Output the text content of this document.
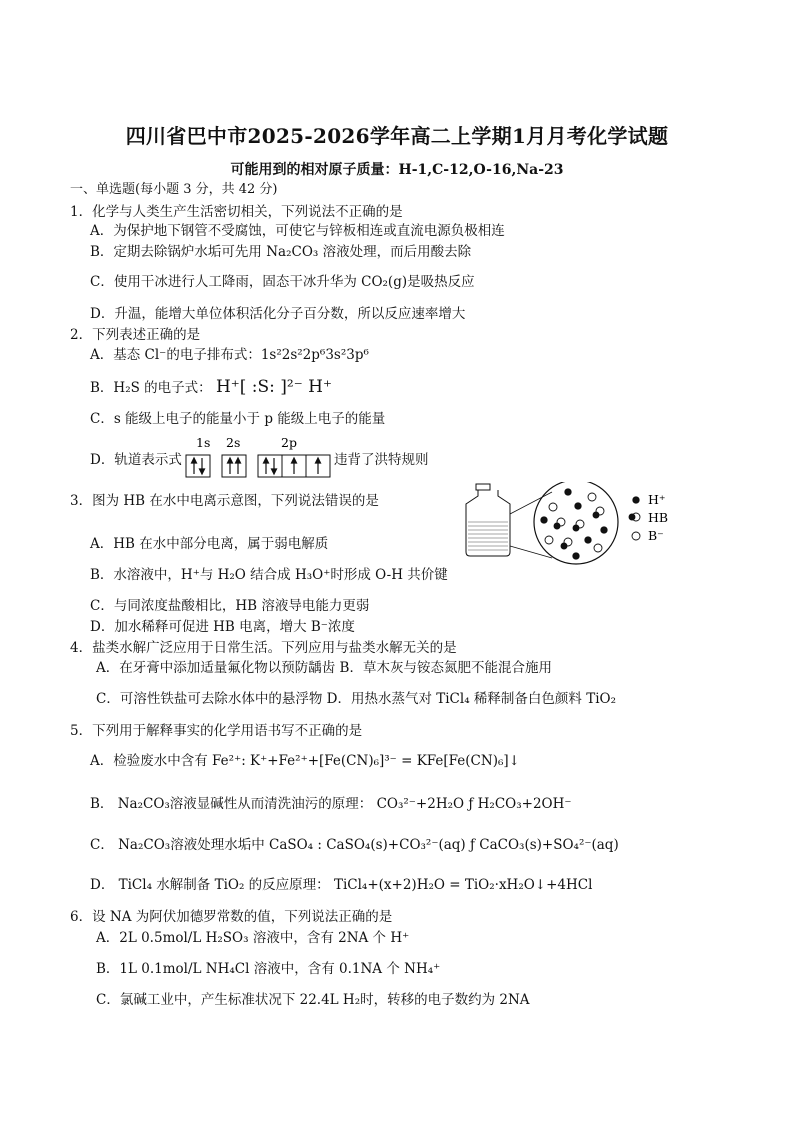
四川省巴中市2025-2026学年高二上学期1月月考化学试题
可能用到的相对原子质量：H-1,C-12,O-16,Na-23
一、单选题(每小题 3 分，共 42 分)
1．化学与人类生产生活密切相关，下列说法不正确的是
A．为保护地下钢管不受腐蚀，可使它与锌板相连或直流电源负极相连
B．定期去除锅炉水垢可先用 Na₂CO₃ 溶液处理，而后用酸去除
C．使用干冰进行人工降雨，固态干冰升华为 CO₂(g)是吸热反应
D．升温，能增大单位体积活化分子百分数，所以反应速率增大
2．下列表述正确的是
A．基态 Cl⁻的电子排布式：1s²2s²2p⁶3s²3p⁶
B．H₂S 的电子式： H⁺[ :S: ]²⁻ H⁺
C．s 能级上电子的能量小于 p 能级上电子的能量
D．轨道表示式
1s 2s	2p
违背了洪特规则
3．图为 HB 在水中电离示意图，下列说法错误的是	H⁺
HB
B⁻
A．HB 在水中部分电离，属于弱电解质
B．水溶液中，H⁺与 H₂O 结合成 H₃O⁺时形成 O-H 共价键
C．与同浓度盐酸相比，HB 溶液导电能力更弱
D．加水稀释可促进 HB 电离，增大 B⁻浓度
4．盐类水解广泛应用于日常生活。下列应用与盐类水解无关的是
A．在牙膏中添加适量氟化物以预防龋齿 B．草木灰与铵态氮肥不能混合施用
C．可溶性铁盐可去除水体中的悬浮物 D．用热水蒸气对 TiCl₄ 稀释制备白色颜料 TiO₂
5．下列用于解释事实的化学用语书写不正确的是
A．检验废水中含有 Fe²⁺: K⁺+Fe²⁺+[Fe(CN)₆]³⁻ = KFe[Fe(CN)₆]↓
B． Na₂CO₃溶液显碱性从而清洗油污的原理： CO₃²⁻+2H₂O ƒ H₂CO₃+2OH⁻
C． Na₂CO₃溶液处理水垢中 CaSO₄ : CaSO₄(s)+CO₃²⁻(aq) ƒ CaCO₃(s)+SO₄²⁻(aq)
D． TiCl₄ 水解制备 TiO₂ 的反应原理： TiCl₄+(x+2)H₂O = TiO₂·xH₂O↓+4HCl
6．设 NA 为阿伏加德罗常数的值，下列说法正确的是
A．2L 0.5mol/L H₂SO₃ 溶液中，含有 2NA 个 H⁺
B．1L 0.1mol/L NH₄Cl 溶液中，含有 0.1NA 个 NH₄⁺
C．氯碱工业中，产生标准状况下 22.4L H₂时，转移的电子数约为 2NA
